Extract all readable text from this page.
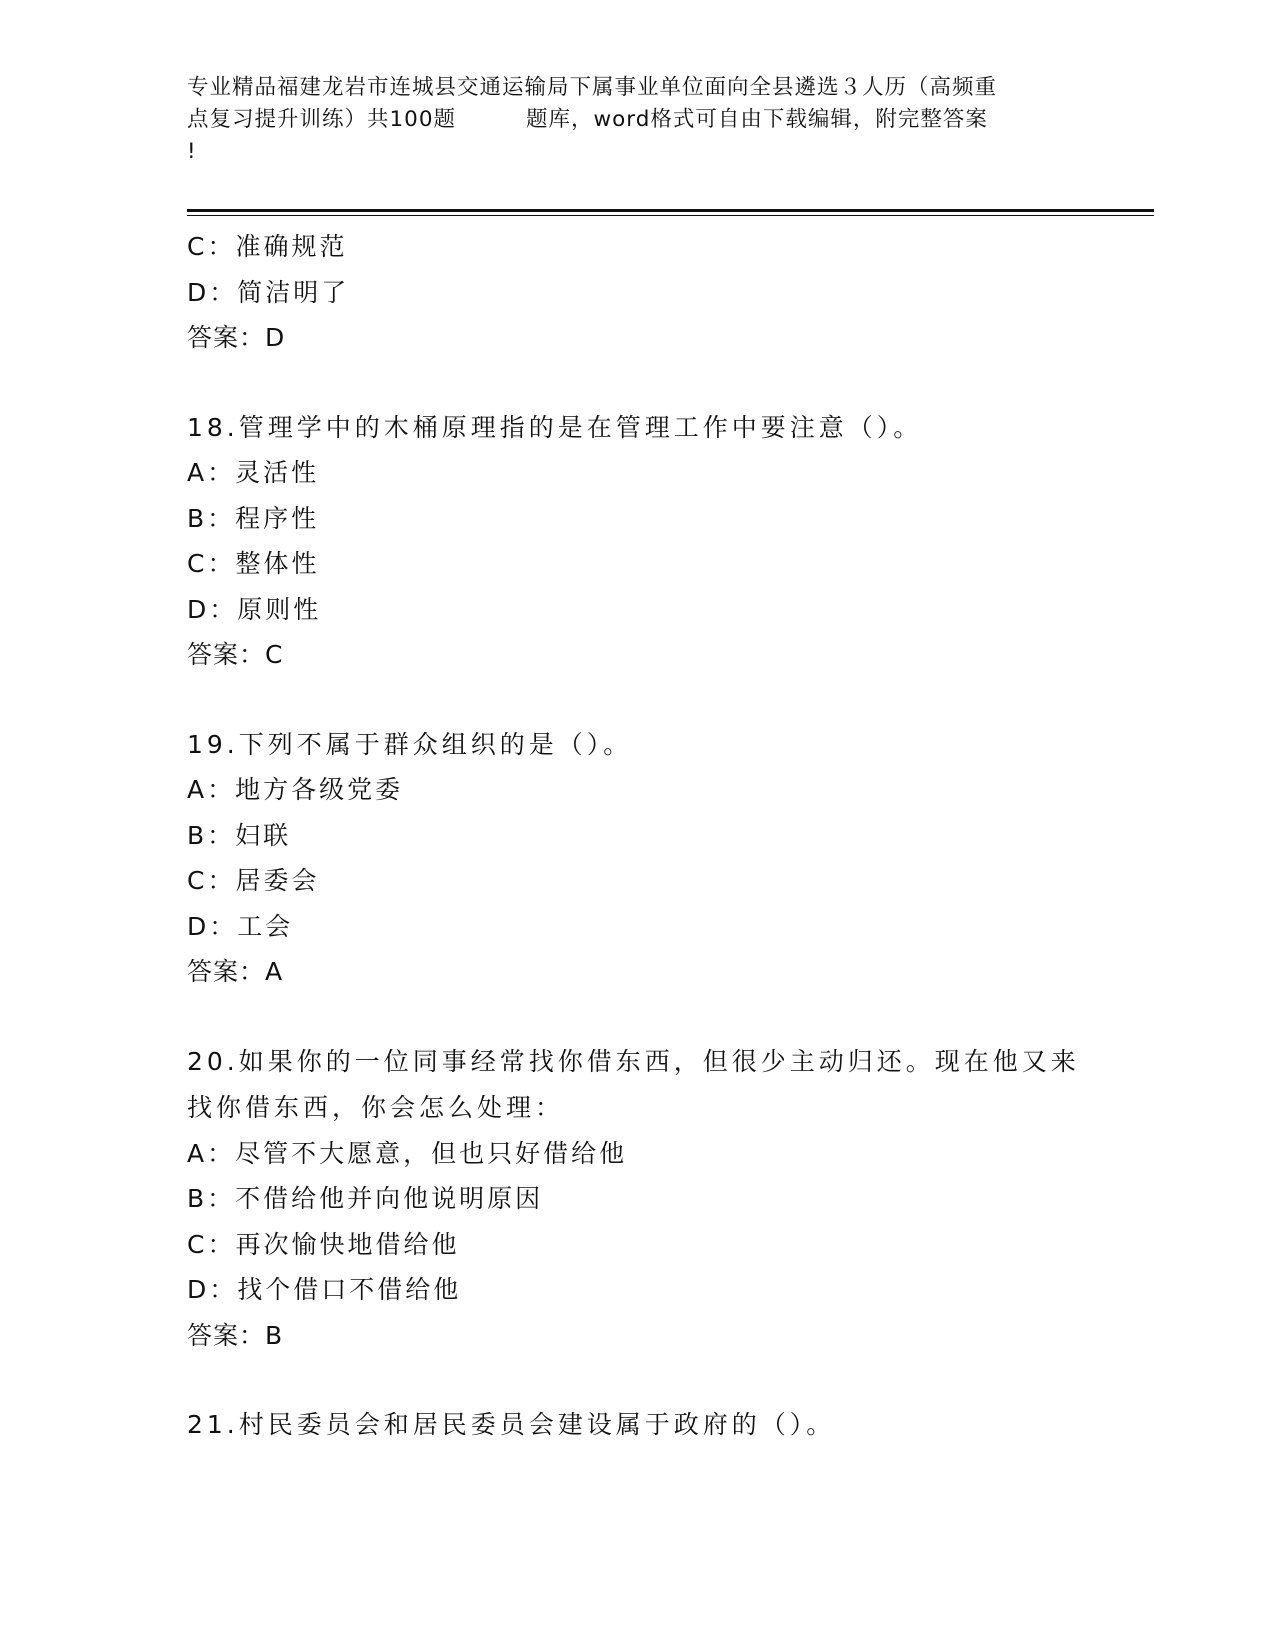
专业精品福建龙岩市连城县交通运输局下属事业单位面向全县遴选３人历（高频重
点复习提升训练）共100题	题库，word格式可自由下载编辑，附完整答案
!
C：准确规范
D：简洁明了
答案：D
18.管理学中的木桶原理指的是在管理工作中要注意（）。
A：灵活性
B：程序性
C：整体性
D：原则性
答案：C
19.下列不属于群众组织的是（）。
A：地方各级党委
B：妇联
C：居委会
D：工会
答案：A
20.如果你的一位同事经常找你借东西，但很少主动归还。现在他又来
找你借东西，你会怎么处理：
A：尽管不大愿意，但也只好借给他
B：不借给他并向他说明原因
C：再次愉快地借给他
D：找个借口不借给他
答案：B
21.村民委员会和居民委员会建设属于政府的（）。
